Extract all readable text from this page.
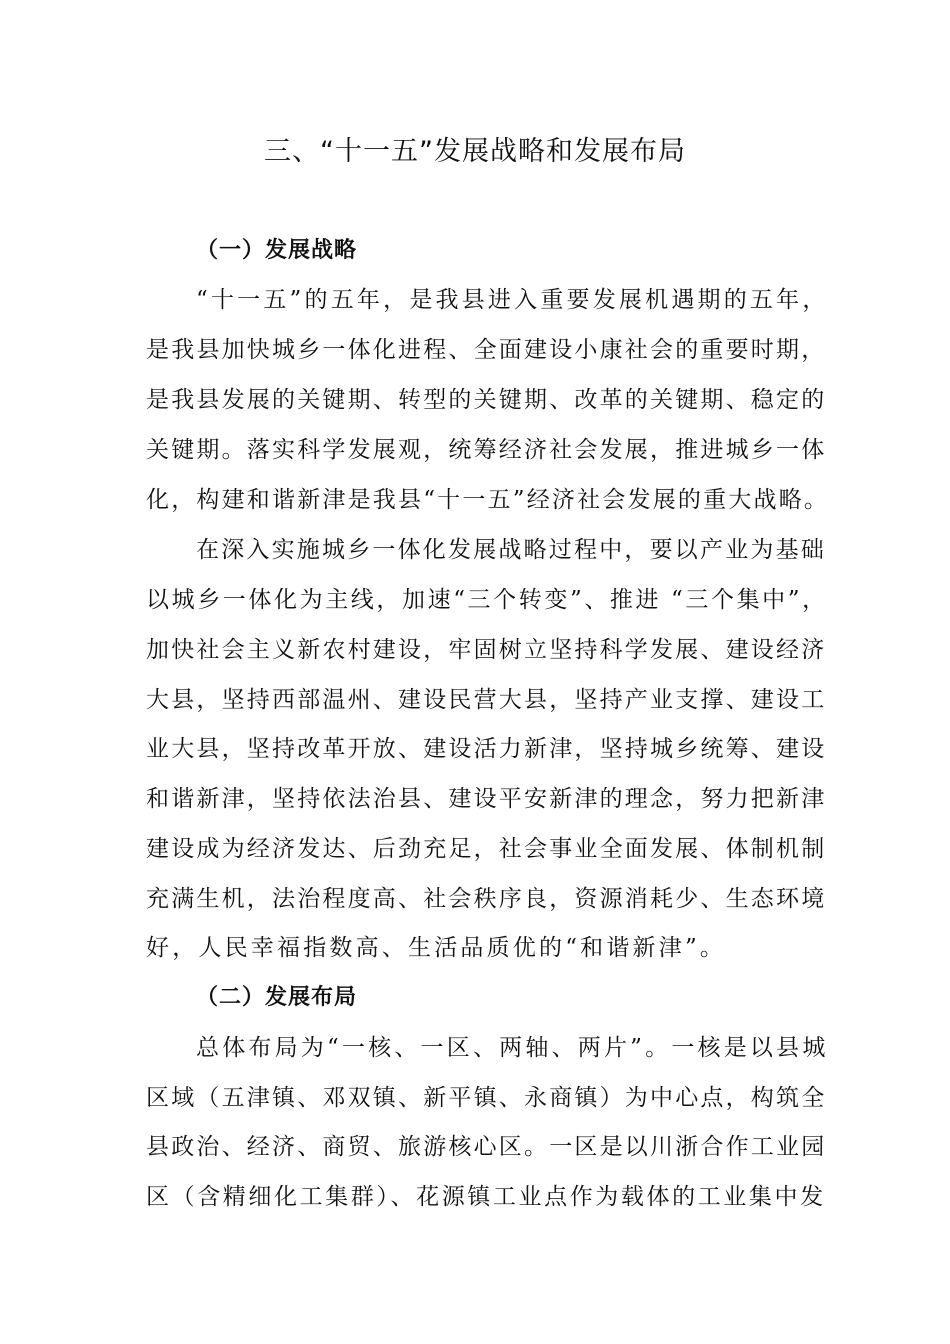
三、“十一五”发展战略和发展布局
（一）发展战略

“十一五”的五年，是我县进入重要发展机遇期的五年，

是我县加快城乡一体化进程、全面建设小康社会的重要时期，

是我县发展的关键期、转型的关键期、改革的关键期、稳定的

关键期。落实科学发展观，统筹经济社会发展，推进城乡一体

化，构建和谐新津是我县“十一五”经济社会发展的重大战略。

在深入实施城乡一体化发展战略过程中，要以产业为基础

以城乡一体化为主线，加速“三个转变”、推进 “三个集中”，

加快社会主义新农村建设，牢固树立坚持科学发展、建设经济

大县，坚持西部温州、建设民营大县，坚持产业支撑、建设工

业大县，坚持改革开放、建设活力新津，坚持城乡统筹、建设

和谐新津，坚持依法治县、建设平安新津的理念，努力把新津

建设成为经济发达、后劲充足，社会事业全面发展、体制机制

充满生机，法治程度高、社会秩序良，资源消耗少、生态环境

好，人民幸福指数高、生活品质优的“和谐新津”。

（二）发展布局

总体布局为“一核、一区、两轴、两片”。一核是以县城

区域（五津镇、邓双镇、新平镇、永商镇）为中心点，构筑全

县政治、经济、商贸、旅游核心区。一区是以川浙合作工业园

区（含精细化工集群）、花源镇工业点作为载体的工业集中发
